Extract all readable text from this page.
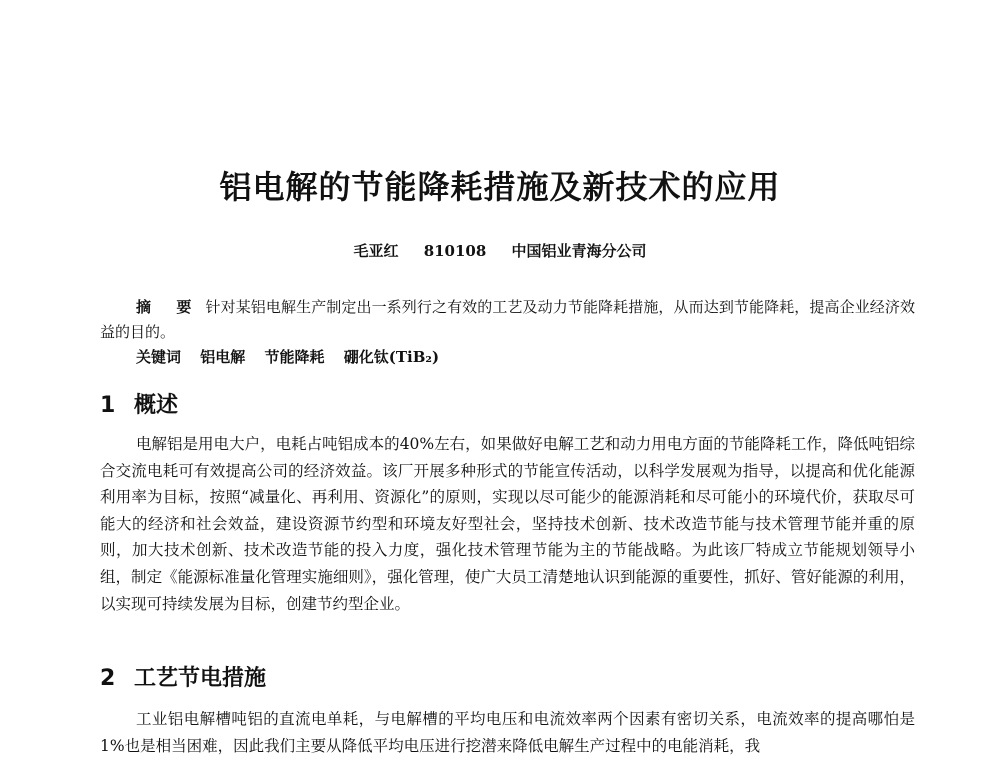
铝电解的节能降耗措施及新技术的应用
毛亚红 810108 中国铝业青海分公司
摘 要 针对某铝电解生产制定出一系列行之有效的工艺及动力节能降耗措施，从而达到节能降耗，提高企业经济效益的目的。
关键词 铝电解 节能降耗 硼化钛(TiB₂)
1 概述
电解铝是用电大户，电耗占吨铝成本的40%左右，如果做好电解工艺和动力用电方面的节能降耗工作，降低吨铝综合交流电耗可有效提高公司的经济效益。该厂开展多种形式的节能宣传活动，以科学发展观为指导，以提高和优化能源利用率为目标，按照“减量化、再利用、资源化”的原则，实现以尽可能少的能源消耗和尽可能小的环境代价，获取尽可能大的经济和社会效益，建设资源节约型和环境友好型社会，坚持技术创新、技术改造节能与技术管理节能并重的原则，加大技术创新、技术改造节能的投入力度，强化技术管理节能为主的节能战略。为此该厂特成立节能规划领导小组，制定《能源标准量化管理实施细则》，强化管理，使广大员工清楚地认识到能源的重要性，抓好、管好能源的利用，以实现可持续发展为目标，创建节约型企业。
2 工艺节电措施
工业铝电解槽吨铝的直流电单耗，与电解槽的平均电压和电流效率两个因素有密切关系，电流效率的提高哪怕是1%也是相当困难，因此我们主要从降低平均电压进行挖潜来降低电解生产过程中的电能消耗，我
